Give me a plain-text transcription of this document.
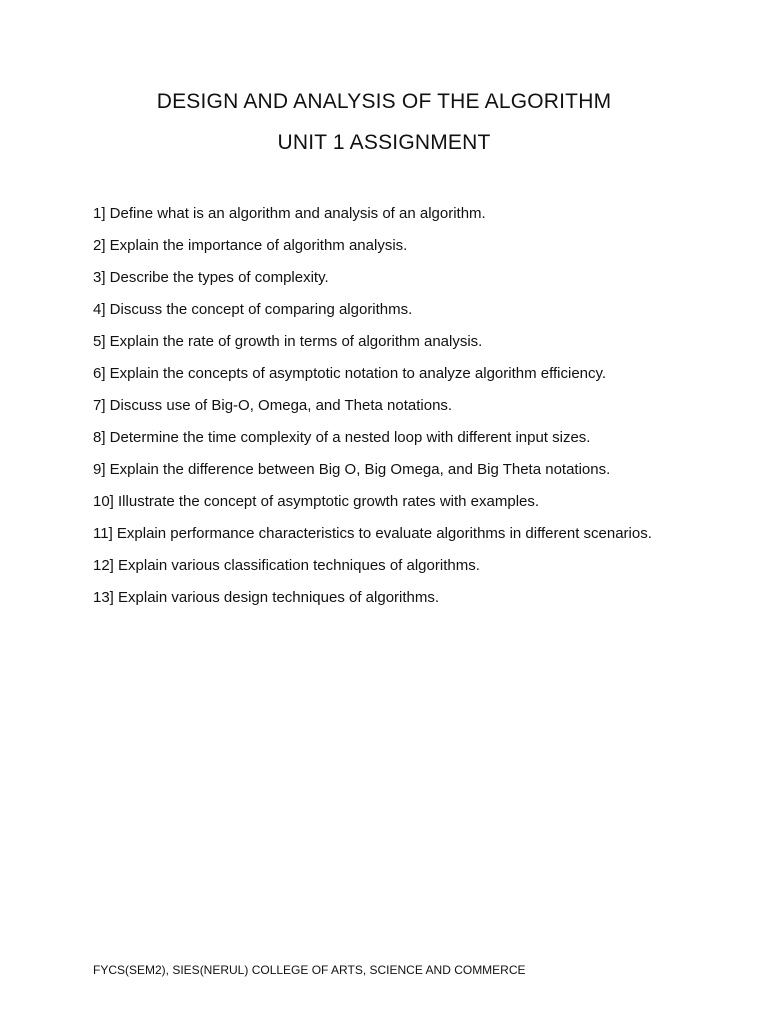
DESIGN AND ANALYSIS OF THE ALGORITHM
UNIT 1 ASSIGNMENT
1] Define what is an algorithm and analysis of an algorithm.
2] Explain the importance of algorithm analysis.
3] Describe the types of complexity.
4] Discuss the concept of comparing algorithms.
5] Explain the rate of growth in terms of algorithm analysis.
6] Explain the concepts of asymptotic notation to analyze algorithm efficiency.
7] Discuss use of Big-O, Omega, and Theta notations.
8] Determine the time complexity of a nested loop with different input sizes.
9] Explain the difference between Big O, Big Omega, and Big Theta notations.
10] Illustrate the concept of asymptotic growth rates with examples.
11] Explain performance characteristics to evaluate algorithms in different scenarios.
12] Explain various classification techniques of algorithms.
13] Explain various design techniques of algorithms.
FYCS(SEM2), SIES(NERUL) COLLEGE OF ARTS, SCIENCE AND COMMERCE
